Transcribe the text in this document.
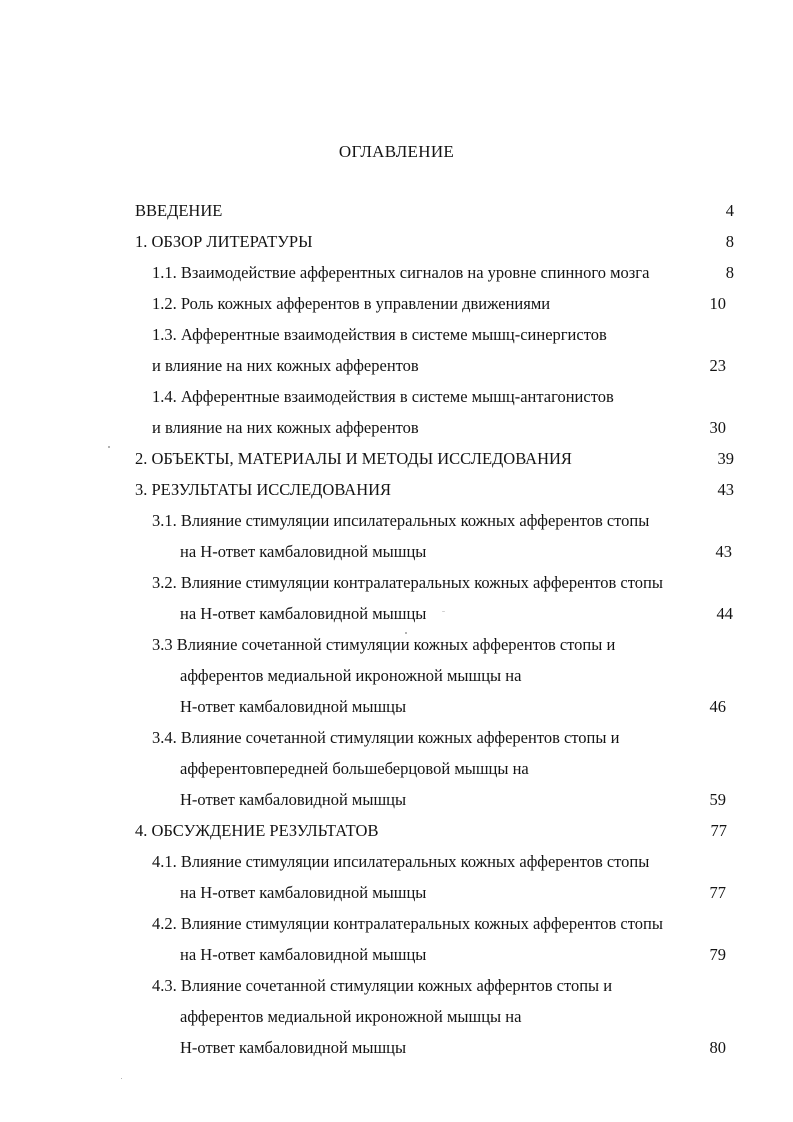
ОГЛАВЛЕНИЕ
ВВЕДЕНИЕ	4
1. ОБЗОР ЛИТЕРАТУРЫ	8
1.1. Взаимодействие афферентных сигналов на уровне спинного мозга	8
1.2. Роль кожных афферентов в управлении движениями	10
1.3. Афферентные взаимодействия в системе мышц-синергистов
и влияние на них кожных афферентов	23
1.4. Афферентные взаимодействия в системе мышц-антагонистов
и влияние на них кожных афферентов	30
2. ОБЪЕКТЫ, МАТЕРИАЛЫ И МЕТОДЫ ИССЛЕДОВАНИЯ	39
3. РЕЗУЛЬТАТЫ ИССЛЕДОВАНИЯ	43
3.1. Влияние стимуляции ипсилатеральных кожных афферентов стопы
на Н-ответ камбаловидной мышцы	43
3.2. Влияние стимуляции контралатеральных кожных афферентов стопы
на Н-ответ камбаловидной мышцы	44
3.3 Влияние сочетанной стимуляции кожных афферентов стопы и
афферентов медиальной икроножной мышцы на
Н-ответ камбаловидной мышцы	46
3.4. Влияние сочетанной стимуляции кожных афферентов стопы и
афферентовпередней большеберцовой мышцы на
Н-ответ камбаловидной мышцы	59
4. ОБСУЖДЕНИЕ РЕЗУЛЬТАТОВ	77
4.1. Влияние стимуляции ипсилатеральных кожных афферентов стопы
на Н-ответ камбаловидной мышцы	77
4.2. Влияние стимуляции контралатеральных кожных афферентов стопы
на Н-ответ камбаловидной мышцы	79
4.3. Влияние сочетанной стимуляции кожных аффернтов стопы и
афферентов медиальной икроножной мышцы на
Н-ответ камбаловидной мышцы	80
